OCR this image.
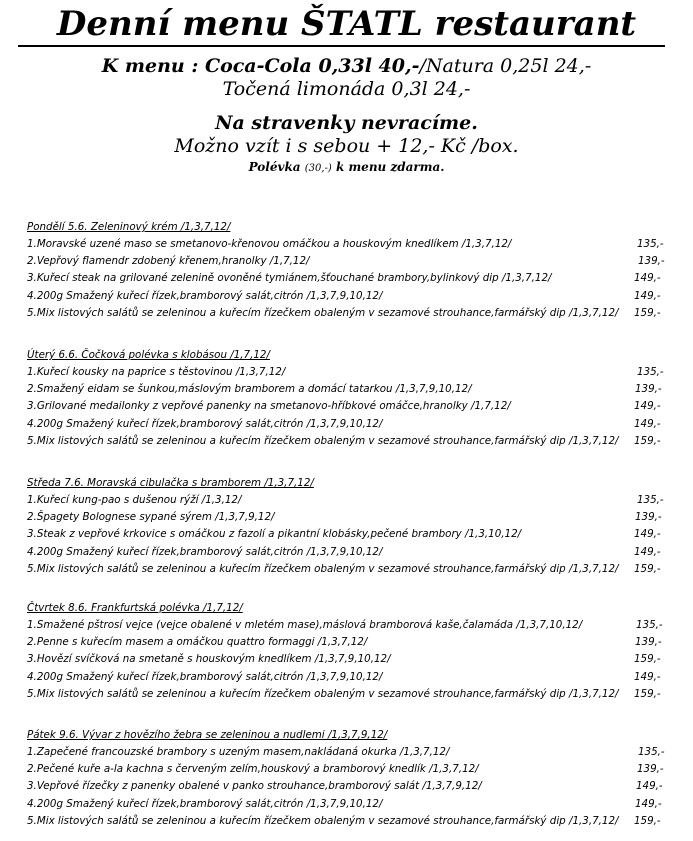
Denní menu ŠTATL restaurant
K menu : Coca-Cola 0,33l 40,-/Natura 0,25l 24,-
Točená limonáda 0,3l 24,-
Na stravenky nevracíme.
Možno vzít i s sebou + 12,- Kč /box.
Polévka (30,-) k menu zdarma.
Pondělí 5.6. Zeleninový krém /1,3,7,12/
1.Moravské uzené maso se smetanovo-křenovou omáčkou a houskovým knedlíkem /1,3,7,12/	135,-
2.Vepřový flamendr zdobený křenem,hranolky /1,7,12/	139,-
3.Kuřecí steak na grilované zelenině ovoněné tymiánem,šťouchané brambory,bylinkový dip /1,3,7,12/	149,-
4.200g Smažený kuřecí řízek,bramborový salát,citrón /1,3,7,9,10,12/	149,-
5.Mix listových salátů se zeleninou a kuřecím řízečkem obaleným v sezamové strouhance,farmářský dip /1,3,7,12/ 159,-
Úterý 6.6. Čočková polévka s klobásou /1,7,12/
1.Kuřecí kousky na paprice s těstovinou /1,3,7,12/	135,-
2.Smažený eidam se šunkou,máslovým bramborem a domácí tatarkou /1,3,7,9,10,12/	139,-
3.Grilované medailonky z vepřové panenky na smetanovo-hříbkové omáčce,hranolky /1,7,12/	149,-
4.200g Smažený kuřecí řízek,bramborový salát,citrón /1,3,7,9,10,12/	149,-
5.Mix listových salátů se zeleninou a kuřecím řízečkem obaleným v sezamové strouhance,farmářský dip /1,3,7,12/ 159,-
Středa 7.6. Moravská cibulačka s bramborem /1,3,7,12/
1.Kuřecí kung-pao s dušenou rýží /1,3,12/	135,-
2.Špagety Bolognese sypané sýrem /1,3,7,9,12/	139,-
3.Steak z vepřové krkovice s omáčkou z fazolí a pikantní klobásky,pečené brambory /1,3,10,12/	149,-
4.200g Smažený kuřecí řízek,bramborový salát,citrón /1,3,7,9,10,12/	149,-
5.Mix listových salátů se zeleninou a kuřecím řízečkem obaleným v sezamové strouhance,farmářský dip /1,3,7,12/ 159,-
Čtvrtek 8.6. Frankfurtská polévka /1,7,12/
1.Smažené pštrosí vejce (vejce obalené v mletém mase),máslová bramborová kaše,čalamáda /1,3,7,10,12/	135,-
2.Penne s kuřecím masem a omáčkou quattro formaggi /1,3,7,12/	139,-
3.Hovězí svíčková na smetaně s houskovým knedlíkem /1,3,7,9,10,12/	159,-
4.200g Smažený kuřecí řízek,bramborový salát,citrón /1,3,7,9,10,12/	149,-
5.Mix listových salátů se zeleninou a kuřecím řízečkem obaleným v sezamové strouhance,farmářský dip /1,3,7,12/ 159,-
Pátek 9.6. Vývar z hovězího žebra se zeleninou a nudlemi /1,3,7,9,12/
1.Zapečené francouzské brambory s uzeným masem,nakládaná okurka /1,3,7,12/	135,-
2.Pečené kuře a-la kachna s červeným zelím,houskový a bramborový knedlík /1,3,7,12/	139,-
3.Vepřové řízečky z panenky obalené v panko strouhance,bramborový salát /1,3,7,9,12/	149,-
4.200g Smažený kuřecí řízek,bramborový salát,citrón /1,3,7,9,10,12/	149,-
5.Mix listových salátů se zeleninou a kuřecím řízečkem obaleným v sezamové strouhance,farmářský dip /1,3,7,12/ 159,-
